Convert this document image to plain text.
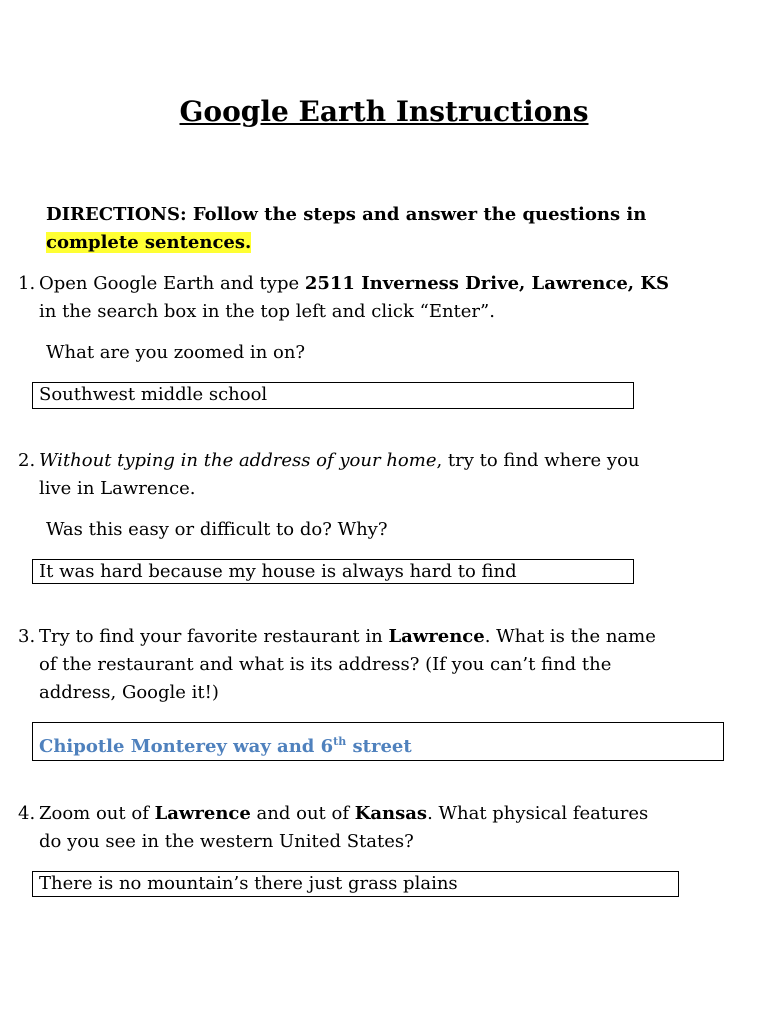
Google Earth Instructions
DIRECTIONS: Follow the steps and answer the questions in
complete sentences.
1. Open Google Earth and type 2511 Inverness Drive, Lawrence, KS
in the search box in the top left and click “Enter”.
What are you zoomed in on?
Southwest middle school
2. Without typing in the address of your home, try to find where you
live in Lawrence.
Was this easy or difficult to do? Why?
It was hard because my house is always hard to find
3. Try to find your favorite restaurant in Lawrence. What is the name
of the restaurant and what is its address? (If you can’t find the
address, Google it!)
Chipotle Monterey way and 6th street
4. Zoom out of Lawrence and out of Kansas. What physical features
do you see in the western United States?
There is no mountain’s there just grass plains
